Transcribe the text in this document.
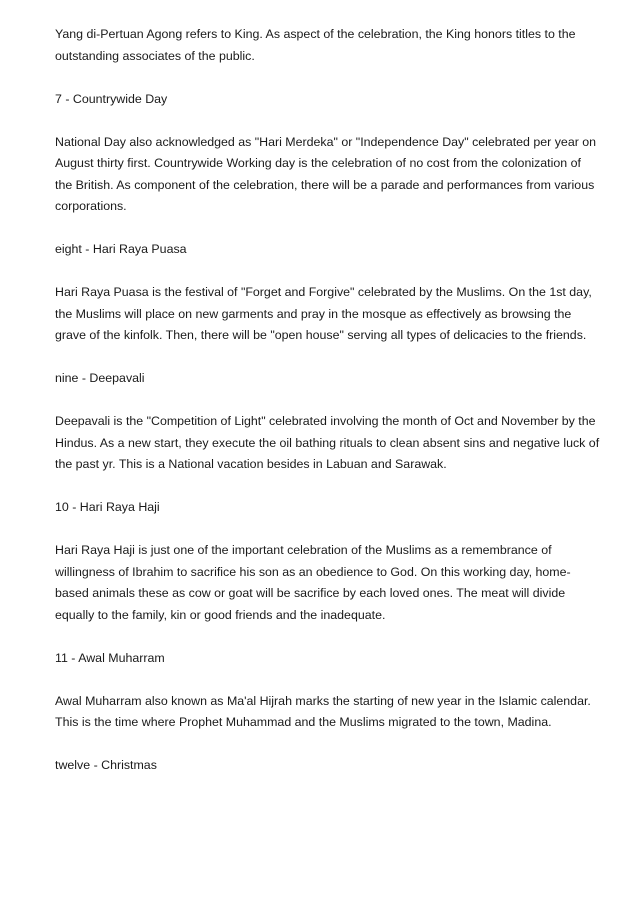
Yang di-Pertuan Agong refers to King. As aspect of the celebration, the King honors titles to the outstanding associates of the public.

7 - Countrywide Day

National Day also acknowledged as "Hari Merdeka" or "Independence Day" celebrated per year on August thirty first. Countrywide Working day is the celebration of no cost from the colonization of the British. As component of the celebration, there will be a parade and performances from various corporations.

eight - Hari Raya Puasa

Hari Raya Puasa is the festival of "Forget and Forgive" celebrated by the Muslims. On the 1st day, the Muslims will place on new garments and pray in the mosque as effectively as browsing the grave of the kinfolk. Then, there will be "open house" serving all types of delicacies to the friends.

nine - Deepavali

Deepavali is the "Competition of Light" celebrated involving the month of Oct and November by the Hindus. As a new start, they execute the oil bathing rituals to clean absent sins and negative luck of the past yr. This is a National vacation besides in Labuan and Sarawak.

10 - Hari Raya Haji

Hari Raya Haji is just one of the important celebration of the Muslims as a remembrance of willingness of Ibrahim to sacrifice his son as an obedience to God. On this working day, home-based animals these as cow or goat will be sacrifice by each loved ones. The meat will divide equally to the family, kin or good friends and the inadequate.

11 - Awal Muharram

Awal Muharram also known as Ma'al Hijrah marks the starting of new year in the Islamic calendar. This is the time where Prophet Muhammad and the Muslims migrated to the town, Madina.

twelve - Christmas
